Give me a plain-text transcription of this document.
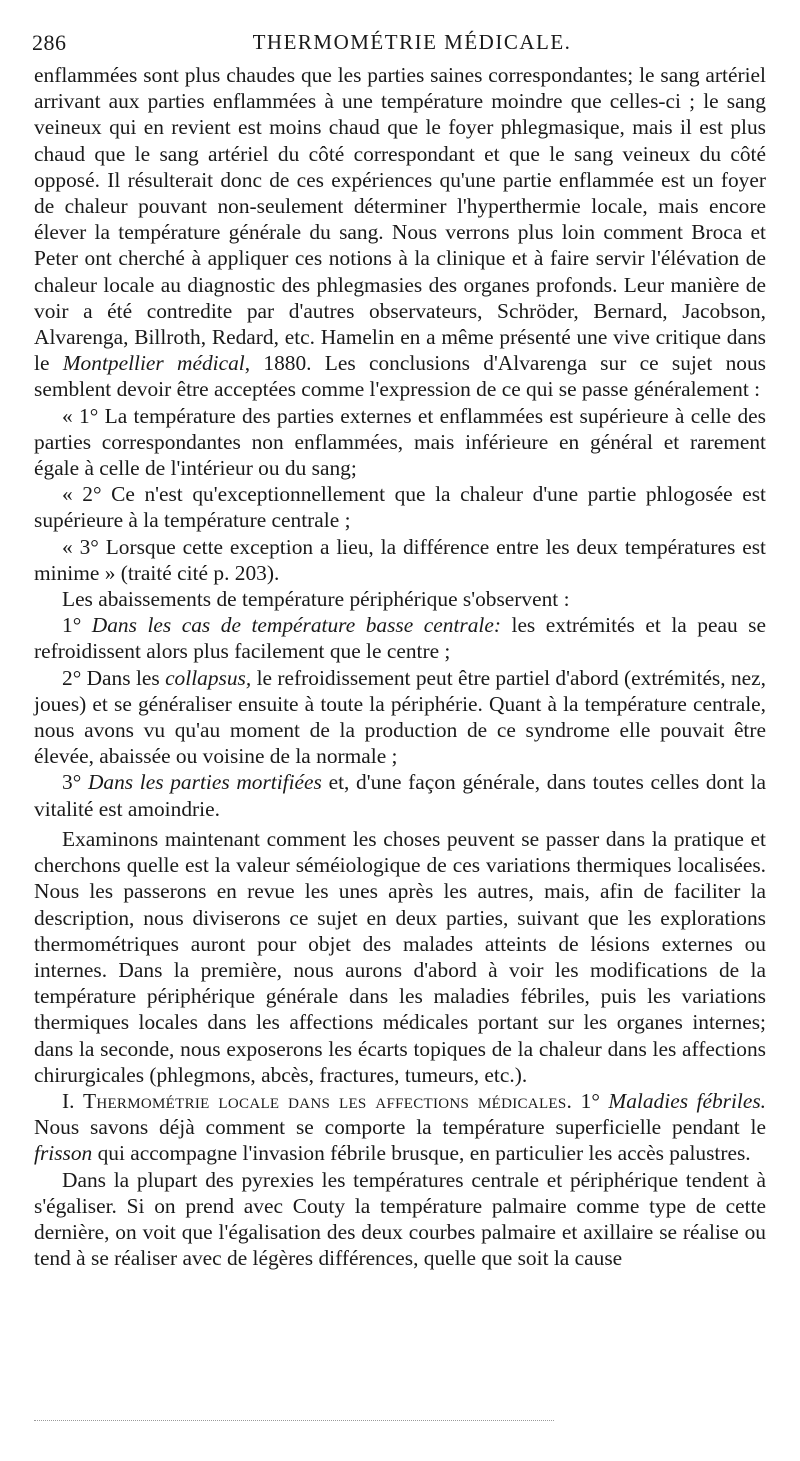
286	THERMOMÉTRIE MÉDICALE.

enflammées sont plus chaudes que les parties saines correspondantes; le sang artériel arrivant aux parties enflammées à une température moindre que celles-ci ; le sang veineux qui en revient est moins chaud que le foyer phlegmasique, mais il est plus chaud que le sang artériel du côté correspondant et que le sang veineux du côté opposé. Il résulterait donc de ces expériences qu'une partie enflammée est un foyer de chaleur pouvant non-seulement déterminer l'hyperthermie locale, mais encore élever la température générale du sang. Nous verrons plus loin comment Broca et Peter ont cherché à appliquer ces notions à la clinique et à faire servir l'élévation de chaleur locale au diagnostic des phlegmasies des organes profonds. Leur manière de voir a été contredite par d'autres observateurs, Schröder, Bernard, Jacobson, Alvarenga, Billroth, Redard, etc. Hamelin en a même présenté une vive critique dans le Montpellier médical, 1880. Les conclusions d'Alvarenga sur ce sujet nous semblent devoir être acceptées comme l'expression de ce qui se passe généralement :

« 1° La température des parties externes et enflammées est supérieure à celle des parties correspondantes non enflammées, mais inférieure en général et rarement égale à celle de l'intérieur ou du sang;

« 2° Ce n'est qu'exceptionnellement que la chaleur d'une partie phlogosée est supérieure à la température centrale ;

« 3° Lorsque cette exception a lieu, la différence entre les deux températures est minime » (traité cité p. 203).

Les abaissements de température périphérique s'observent :

1° Dans les cas de température basse centrale: les extrémités et la peau se refroidissent alors plus facilement que le centre ;

2° Dans les collapsus, le refroidissement peut être partiel d'abord (extrémités, nez, joues) et se généraliser ensuite à toute la périphérie. Quant à la température centrale, nous avons vu qu'au moment de la production de ce syndrome elle pouvait être élevée, abaissée ou voisine de la normale ;

3° Dans les parties mortifiées et, d'une façon générale, dans toutes celles dont la vitalité est amoindrie.

Examinons maintenant comment les choses peuvent se passer dans la pratique et cherchons quelle est la valeur séméiologique de ces variations thermiques localisées. Nous les passerons en revue les unes après les autres, mais, afin de faciliter la description, nous diviserons ce sujet en deux parties, suivant que les explorations thermométriques auront pour objet des malades atteints de lésions externes ou internes. Dans la première, nous aurons d'abord à voir les modifications de la température périphérique générale dans les maladies fébriles, puis les variations thermiques locales dans les affections médicales portant sur les organes internes; dans la seconde, nous exposerons les écarts topiques de la chaleur dans les affections chirurgicales (phlegmons, abcès, fractures, tumeurs, etc.).

I. Thermométrie locale dans les affections médicales. 1° Maladies fébriles. Nous savons déjà comment se comporte la température superficielle pendant le frisson qui accompagne l'invasion fébrile brusque, en particulier les accès palustres.

Dans la plupart des pyrexies les températures centrale et périphérique tendent à s'égaliser. Si on prend avec Couty la température palmaire comme type de cette dernière, on voit que l'égalisation des deux courbes palmaire et axillaire se réalise ou tend à se réaliser avec de légères différences, quelle que soit la cause
